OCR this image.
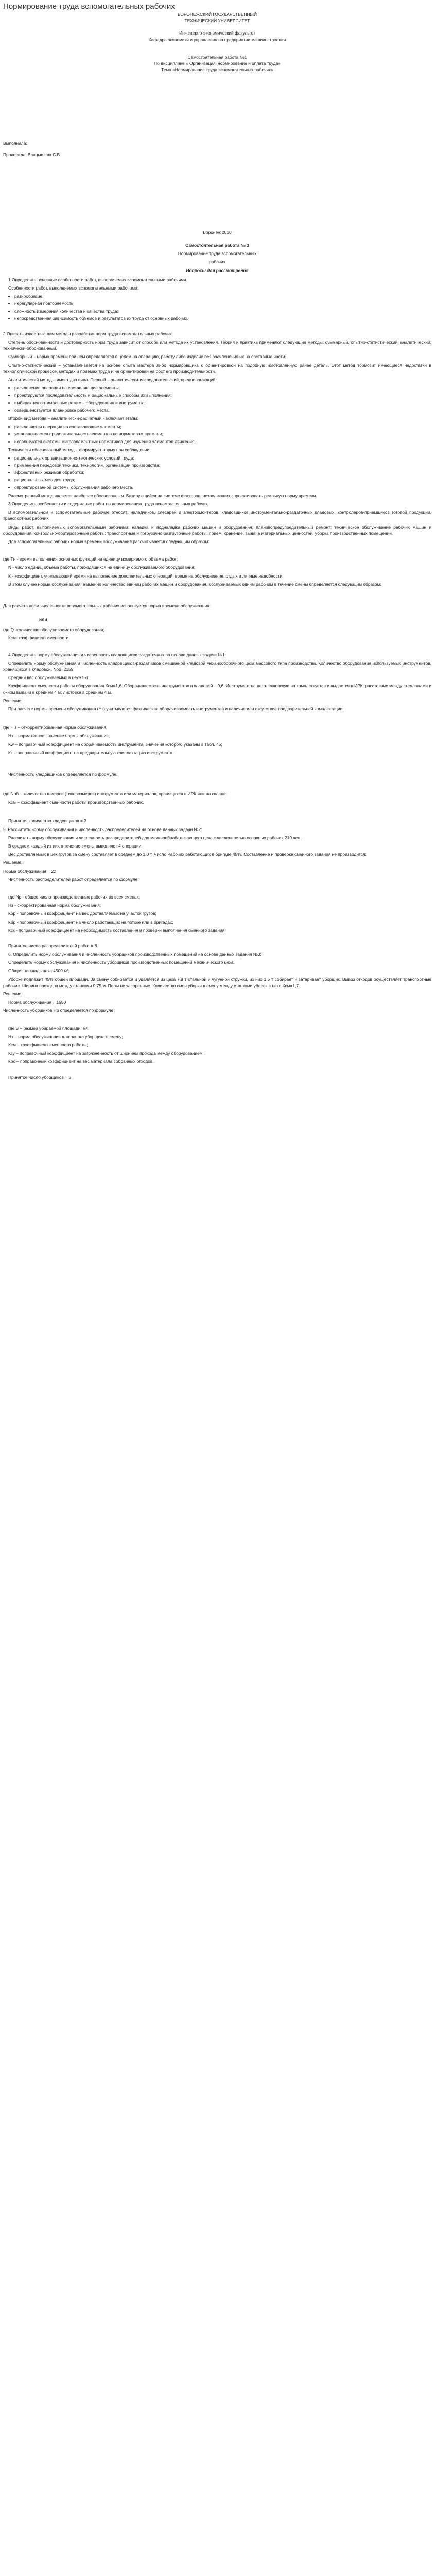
Нормирование труда вспомогательных рабочих
ВОРОНЕЖСКИЙ ГОСУДАРСТВЕННЫЙ
ТЕХНИЧЕСКИЙ УНИВЕРСИТЕТ
Инженерно-экономический факультет
Кафедра экономики и управления на предприятии машиностроения
Самостоятельная работа №1
По дисциплине « Организация, нормирование и оплата труда»
Тема «Нормирование труда вспомогательных рабочих»
Выполнила:
Проверила: Ванцышева С.В.
Воронеж 2010
Самостоятельная работа № 3
Нормирование труда вспомогательных
рабочих
Вопросы для рассмотрения

1.Определить основные особенности работ, выполняемых вспомогательными рабочими.

Особенности работ, выполняемых вспомогательными рабочими:

• разнообразие;
• нерегулярная повторяемость;
• сложность измерения количества и качества труда;
• непосредственная зависимость объемов и результатов их труда от основных рабочих.

2.Описать известные вам методы разработки норм труда вспомогательных рабочих.

Степень обоснованности и достоверность норм труда зависит от способа или метода их установления. Теория и практика применяют следующие методы: суммарный, опытно-статистический, аналитический; технически-обоснованный.

Суммарный – норма времени при нем определяется в целом на операцию, работу либо изделие без расчленения их на составные части.

Опытно-статистический – устанавливается на основе опыта мастера либо нормировщика с ориентировкой на подобную изготовленную ранее деталь. Этот метод тормозит имеющиеся недостатки в технологической процессе, методах и приемах труда и не ориентирован на рост его производительности.

Аналитический метод – имеет два вида. Первый – аналитически-исследовательский, предполагающий:

• расчленение операции на составляющие элементы;
• проектируются последовательность и рациональные способы их выполнения;
• выбираются оптимальные режимы оборудования и инструмента;
• совершенствуется планировка рабочего места.

Второй вид метода – аналитически-расчетный - включает этапы:

• расчленяется операция на составляющие элементы;
• устанавливается продолжительность элементов по нормативам времени;
• используются системы микроэлементных нормативов для изучения элементов движения.

Технически обоснованный метод – формирует норму при соблюдении:

• рациональных организационно-технических условий труда;
• применения передовой техники, технологии, организации производства;
• эффективных режимов обработки;
• рациональных методов труда;
• спроектированной системы обслуживания рабочего места.

Рассмотренный метод является наиболее обоснованным. Базирующийся на системе факторов, позволяющих спроектировать реальную норму времени.

3.Определить особенности и содержание работ по нормированию труда вспомогательных рабочих.

В вспомогательном и вспомогательные рабочие относят: наладчиков, слесарей и электромонтеров, кладовщиков инструментально-раздаточных кладовых, контролеров-приемщиков готовой продукции, транспортных рабочих.

Виды работ, выполняемых вспомогательными рабочими: наладка и подналадка рабочих машин и оборудования; плановопредупредительный ремонт; техническое обслуживание рабочих машин и оборудования, контрольно-сортировочные работы; транспортные и погрузочно-разгрузочные работы; прием, хранение, выдача материальных ценностей; уборка производственных помещений.

Для вспомогательных рабочих норма времени обслуживания рассчитывается следующим образом:

где Тн - время выполнения основных функций на единицу измеряемого объема работ;

N - число единиц объема работы, приходящихся на единицу обслуживаемого оборудования;

К - коэффициент, учитывающий время на выполнение дополнительных операций, время на обслуживание, отдых и личные надобности.

В этом случае норма обслуживания, а именно количество единиц рабочих машин и оборудования, обслуживаемых одним рабочим в течение смены определяется следующим образом:

Для расчета норм численности вспомогательных рабочих используется норма времени обслуживания:

или

где Q -количество обслуживаемого оборудования;

Ксм- коэффициент сменности.

4.Определить норму обслуживания и численность кладовщиков раздаточных на основе данных задачи №1:

Определить норму обслуживания и численность кладовщиков-раздатчиков смешанной кладовой механосборочного цеха массового типа производства. Количество оборудования используемых инструментов, хранящихся в кладовой, Nоб=2159

Средний вес обслуживаемых в цехе 5кг

Коэффициент сменности работы оборудования Ксм=1,6. Оборачиваемость инструментов в кладовой – 0,6. Инструмент на деталенковскую на комплектуется и выдается в ИРК; расстояние между стеллажами и окном выдачи в среднем 4 м; листовка в среднем 4 м.

Решение:

При расчете нормы времени обслуживания (Нз) учитывается фактическая оборачиваемость инструментов и наличие или отсутствие предварительной комплектации:

где Н'з – откорректированная норма обслуживания;

Нз – нормативное значение нормы обслуживания;

Кw – поправочный коэффициент на оборачиваемость инструмента, значения которого указаны в табл. 45;

Кк – поправочный коэффициент на предварительную комплектацию инструмента.

Численность кладовщиков определяется по формуле:

где Nоб – количество шифров (типоразмеров) инструмента или материалов, хранящихся в ИРК или на складе;

Ксм – коэффициент сменности работы производственных рабочих.

Принятая количество кладовщиков = 3

5. Рассчитать норму обслуживания и численность распределителей на основе данных задачи №2:

Рассчитать норму обслуживания и численность распределителей для механообрабатывающего цеха с численностью основных рабочих 210 чел.

В среднем каждый из них в течение смены выполняет 4 операции;

Вес доставляемых в цех грузов за смену составляет в среднем до 1,0 т. Число Рабочих работающих в бригаде 45%. Составление и проверка сменного задания не производится;

Решение:

Норма обслуживания = 22

Численность распределителей работ определяется по формуле:

где Nр - общее число производственных рабочих во всех сменах;

Нз - скорректированная норма обслуживания;

Кор - поправочный коэффициент на вес доставляемых на участок грузов;

Кбр - поправочный коэффициент на число работающих на потоке или в бригадах;

Кск - поправочный коэффициент на необходимость составления и проверки выполнения сменного задания.

Принятое число распределителей работ = 6

6. Определить норму обслуживания и численность уборщиков производственных помещений на основе данных задания №3:

Определить норму обслуживания и численность уборщиков производственных помещений механического цеха:

Общая площадь цеха 4500 м²;

Уборке подлежит 45% общей площади. За смену собирается и удаляется из цеха 7,8 т стальной и чугунной стружки, из них 1,5 т собирает и затаривает уборщик. Вывоз отходов осуществляет транспортные рабочие. Ширина проходов между станками 0,75 м. Полы не засоренные. Количество смен уборки в смену между станками уборок в цехе Ксм=1,7.

Решение:

Норма обслуживания = 1550

Численность уборщиков Нр определяется по формуле:

где S – размер убираемой площади, м²;

Нз – норма обслуживания для одного уборщика в смену;

Ксм – коэффициент сменности работы;

Кзу – поправочный коэффициент на загрязненность от шириины прохода между оборудованием;

Кос – поправочный коэффициент на вес материала собранных отходов.

Принятое число уборщиков = 3
